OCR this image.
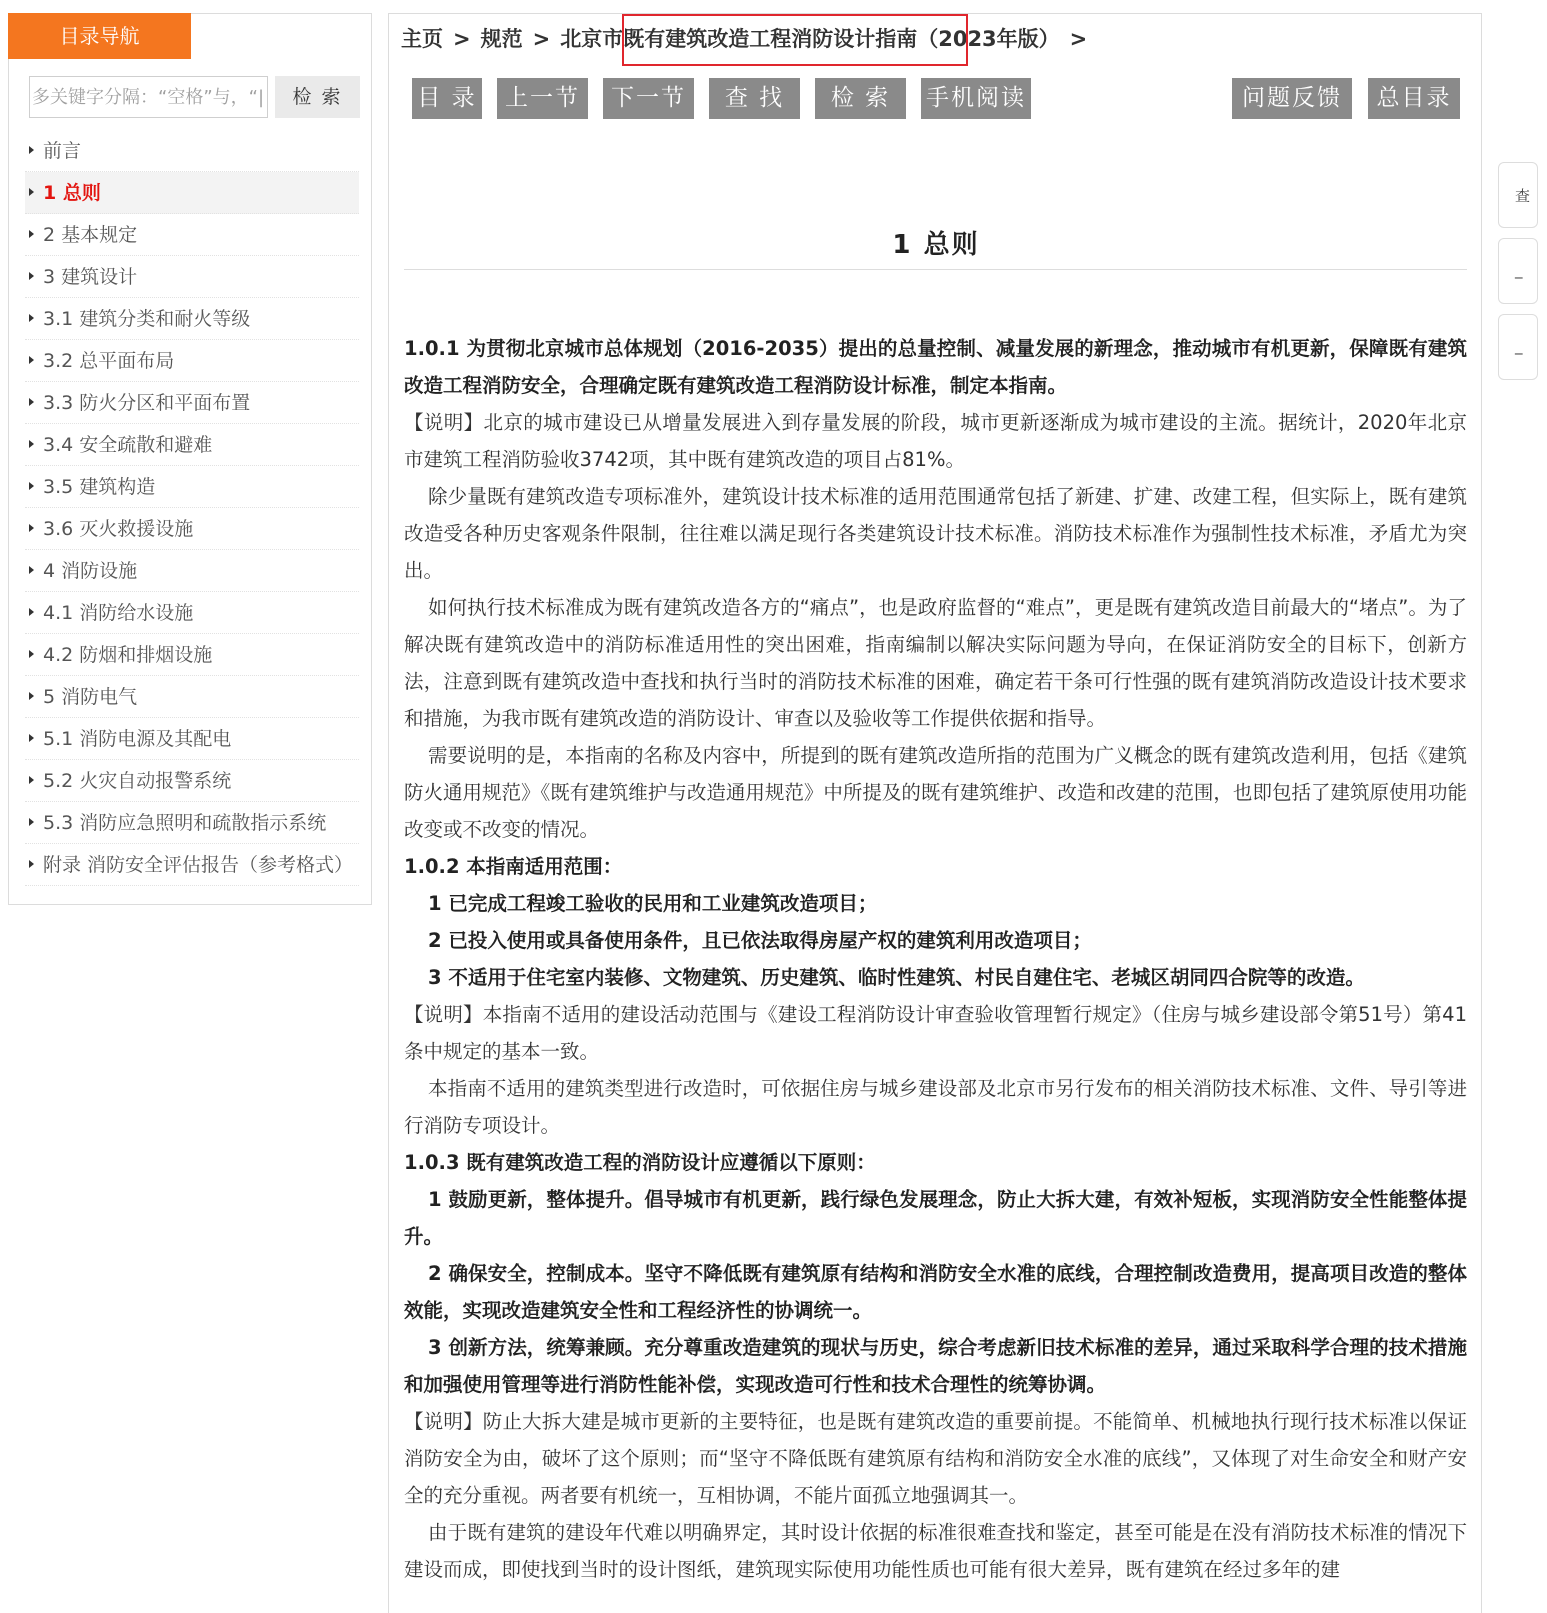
目录导航
多关键字分隔：“空格”与，“|”或
检 索
前言
1 总则
2 基本规定
3 建筑设计
3.1 建筑分类和耐火等级
3.2 总平面布局
3.3 防火分区和平面布置
3.4 安全疏散和避难
3.5 建筑构造
3.6 灭火救援设施
4 消防设施
4.1 消防给水设施
4.2 防烟和排烟设施
5 消防电气
5.1 消防电源及其配电
5.2 火灾自动报警系统
5.3 消防应急照明和疏散指示系统
附录 消防安全评估报告（参考格式）
主页 > 规范 > 北京市既有建筑改造工程消防设计指南（2023年版） >
目 录	上一节	下一节	查 找	检 索	手机阅读	问题反馈	总目录
1 总则

1.0.1 为贯彻北京城市总体规划（2016-2035）提出的总量控制、减量发展的新理念，推动城市有机更新，保障既有建筑改造工程消防安全，合理确定既有建筑改造工程消防设计标准，制定本指南。

【说明】北京的城市建设已从增量发展进入到存量发展的阶段，城市更新逐渐成为城市建设的主流。据统计，2020年北京市建筑工程消防验收3742项，其中既有建筑改造的项目占81%。

除少量既有建筑改造专项标准外，建筑设计技术标准的适用范围通常包括了新建、扩建、改建工程，但实际上，既有建筑改造受各种历史客观条件限制，往往难以满足现行各类建筑设计技术标准。消防技术标准作为强制性技术标准，矛盾尤为突出。

如何执行技术标准成为既有建筑改造各方的“痛点”，也是政府监督的“难点”，更是既有建筑改造目前最大的“堵点”。为了解决既有建筑改造中的消防标准适用性的突出困难，指南编制以解决实际问题为导向，在保证消防安全的目标下，创新方法，注意到既有建筑改造中查找和执行当时的消防技术标准的困难，确定若干条可行性强的既有建筑消防改造设计技术要求和措施，为我市既有建筑改造的消防设计、审查以及验收等工作提供依据和指导。

需要说明的是，本指南的名称及内容中，所提到的既有建筑改造所指的范围为广义概念的既有建筑改造利用，包括《建筑防火通用规范》《既有建筑维护与改造通用规范》中所提及的既有建筑维护、改造和改建的范围，也即包括了建筑原使用功能改变或不改变的情况。

1.0.2 本指南适用范围：

1 已完成工程竣工验收的民用和工业建筑改造项目；

2 已投入使用或具备使用条件，且已依法取得房屋产权的建筑利用改造项目；

3 不适用于住宅室内装修、文物建筑、历史建筑、临时性建筑、村民自建住宅、老城区胡同四合院等的改造。

【说明】本指南不适用的建设活动范围与《建设工程消防设计审查验收管理暂行规定》（住房与城乡建设部令第51号）第41条中规定的基本一致。

本指南不适用的建筑类型进行改造时，可依据住房与城乡建设部及北京市另行发布的相关消防技术标准、文件、导引等进行消防专项设计。

1.0.3 既有建筑改造工程的消防设计应遵循以下原则：

1 鼓励更新，整体提升。倡导城市有机更新，践行绿色发展理念，防止大拆大建，有效补短板，实现消防安全性能整体提升。

2 确保安全，控制成本。坚守不降低既有建筑原有结构和消防安全水准的底线，合理控制改造费用，提高项目改造的整体效能，实现改造建筑安全性和工程经济性的协调统一。

3 创新方法，统筹兼顾。充分尊重改造建筑的现状与历史，综合考虑新旧技术标准的差异，通过采取科学合理的技术措施和加强使用管理等进行消防性能补偿，实现改造可行性和技术合理性的统筹协调。

【说明】防止大拆大建是城市更新的主要特征，也是既有建筑改造的重要前提。不能简单、机械地执行现行技术标准以保证消防安全为由，破坏了这个原则；而“坚守不降低既有建筑原有结构和消防安全水准的底线”，又体现了对生命安全和财产安全的充分重视。两者要有机统一，互相协调，不能片面孤立地强调其一。

由于既有建筑的建设年代难以明确界定，其时设计依据的标准很难查找和鉴定，甚至可能是在没有消防技术标准的情况下建设而成，即使找到当时的设计图纸，建筑现实际使用功能性质也可能有很大差异，既有建筑在经过多年的建

查
_
_
